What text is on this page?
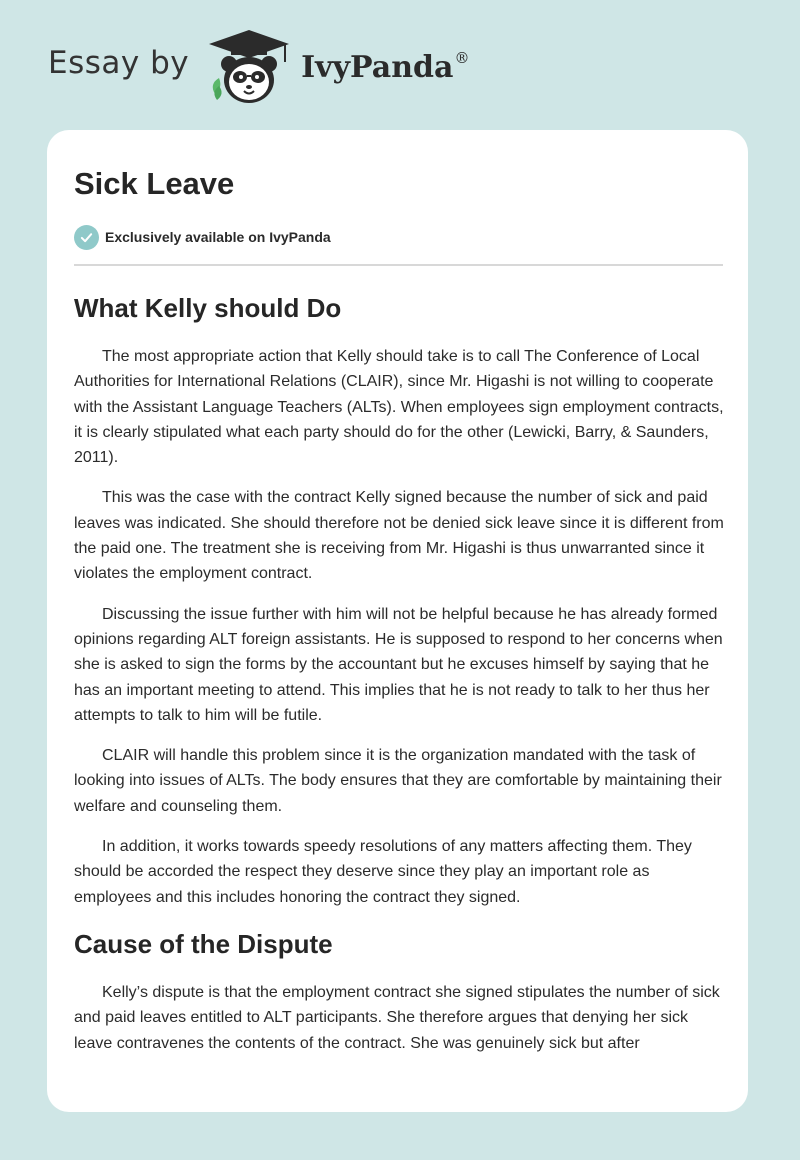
Essay by	IvyPanda®
Sick Leave
Exclusively available on IvyPanda
What Kelly should Do

The most appropriate action that Kelly should take is to call The Conference of Local Authorities for International Relations (CLAIR), since Mr. Higashi is not willing to cooperate with the Assistant Language Teachers (ALTs). When employees sign employment contracts, it is clearly stipulated what each party should do for the other (Lewicki, Barry, & Saunders, 2011).

This was the case with the contract Kelly signed because the number of sick and paid leaves was indicated. She should therefore not be denied sick leave since it is different from the paid one. The treatment she is receiving from Mr. Higashi is thus unwarranted since it violates the employment contract.

Discussing the issue further with him will not be helpful because he has already formed opinions regarding ALT foreign assistants. He is supposed to respond to her concerns when she is asked to sign the forms by the accountant but he excuses himself by saying that he has an important meeting to attend. This implies that he is not ready to talk to her thus her attempts to talk to him will be futile.

CLAIR will handle this problem since it is the organization mandated with the task of looking into issues of ALTs. The body ensures that they are comfortable by maintaining their welfare and counseling them.

In addition, it works towards speedy resolutions of any matters affecting them. They should be accorded the respect they deserve since they play an important role as employees and this includes honoring the contract they signed.

Cause of the Dispute

Kelly’s dispute is that the employment contract she signed stipulates the number of sick and paid leaves entitled to ALT participants. She therefore argues that denying her sick leave contravenes the contents of the contract. She was genuinely sick but after
